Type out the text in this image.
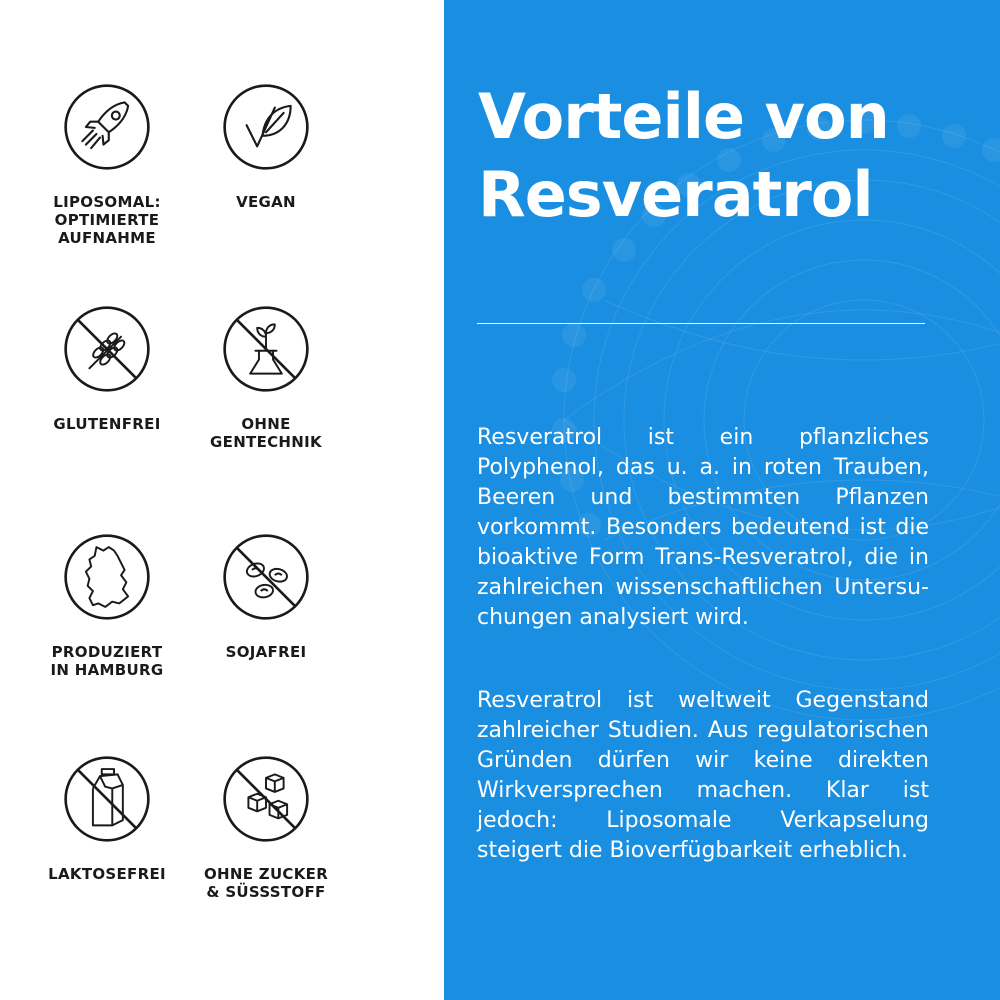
LIPOSOMAL:
OPTIMIERTE
AUFNAHME
VEGAN
GLUTENFREI	OHNE
GENTECHNIK
PRODUZIERT
IN HAMBURG
SOJAFREI
LAKTOSEFREI	OHNE ZUCKER
& SÜSSSTOFF
Vorteile von Resveratrol

Resveratrol ist ein pflanzliches Polyphenol, das u. a. in roten Trauben, Beeren und bestimmten Pflanzen vorkommt. Besonders bedeutend ist die bioaktive Form Trans-Resveratrol, die in zahlreichen wissenschaftlichen Untersuchungen analysiert wird.

Resveratrol ist weltweit Gegenstand zahlreicher Studien. Aus regulatorischen Gründen dürfen wir keine direkten Wirkversprechen machen. Klar ist jedoch: Liposomale Verkapselung steigert die Bioverfügbarkeit erheblich.
